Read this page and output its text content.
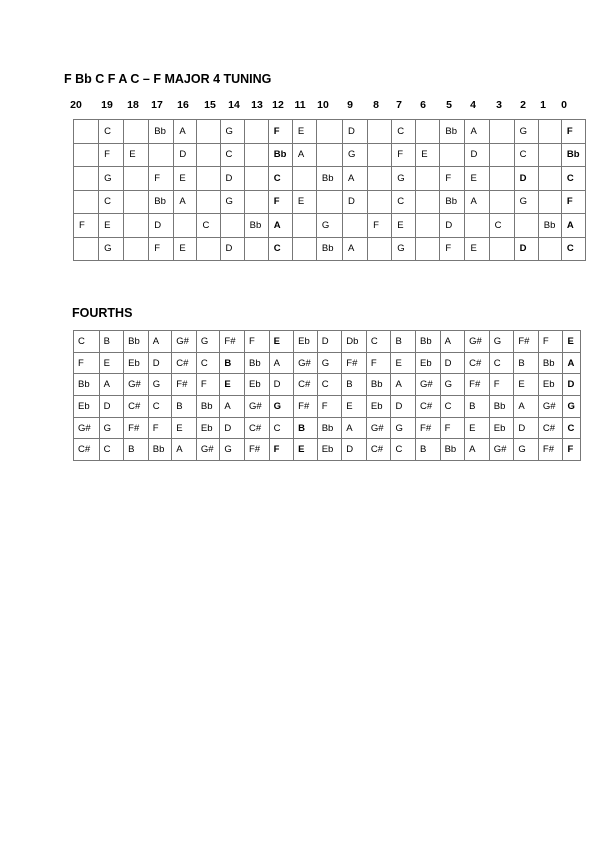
F Bb C F A C – F MAJOR 4 TUNING
20 19 18 17 16 15 14 13 12 11 10 9 8 7 6 5 4 3 2 1 0
	C		Bb	A		G		F	E		D		C		Bb	A		G		F
	F	E		D		C		Bb	A		G		F	E		D		C		Bb
	G		F	E		D		C		Bb	A		G		F	E		D		C
	C		Bb	A		G		F	E		D		C		Bb	A		G		F
F	E		D		C		Bb	A		G		F	E		D		C		Bb	A
	G		F	E		D		C		Bb	A		G		F	E		D		C
FOURTHS
C	B	Bb	A	G#	G	F#	F	E	Eb	D	Db	C	B	Bb	A	G#	G	F#	F	E
F	E	Eb	D	C#	C	B	Bb	A	G#	G	F#	F	E	Eb	D	C#	C	B	Bb	A
Bb	A	G#	G	F#	F	E	Eb	D	C#	C	B	Bb	A	G#	G	F#	F	E	Eb	D
Eb	D	C#	C	B	Bb	A	G#	G	F#	F	E	Eb	D	C#	C	B	Bb	A	G#	G
G#	G	F#	F	E	Eb	D	C#	C	B	Bb	A	G#	G	F#	F	E	Eb	D	C#	C
C#	C	B	Bb	A	G#	G	F#	F	E	Eb	D	C#	C	B	Bb	A	G#	G	F#	F
